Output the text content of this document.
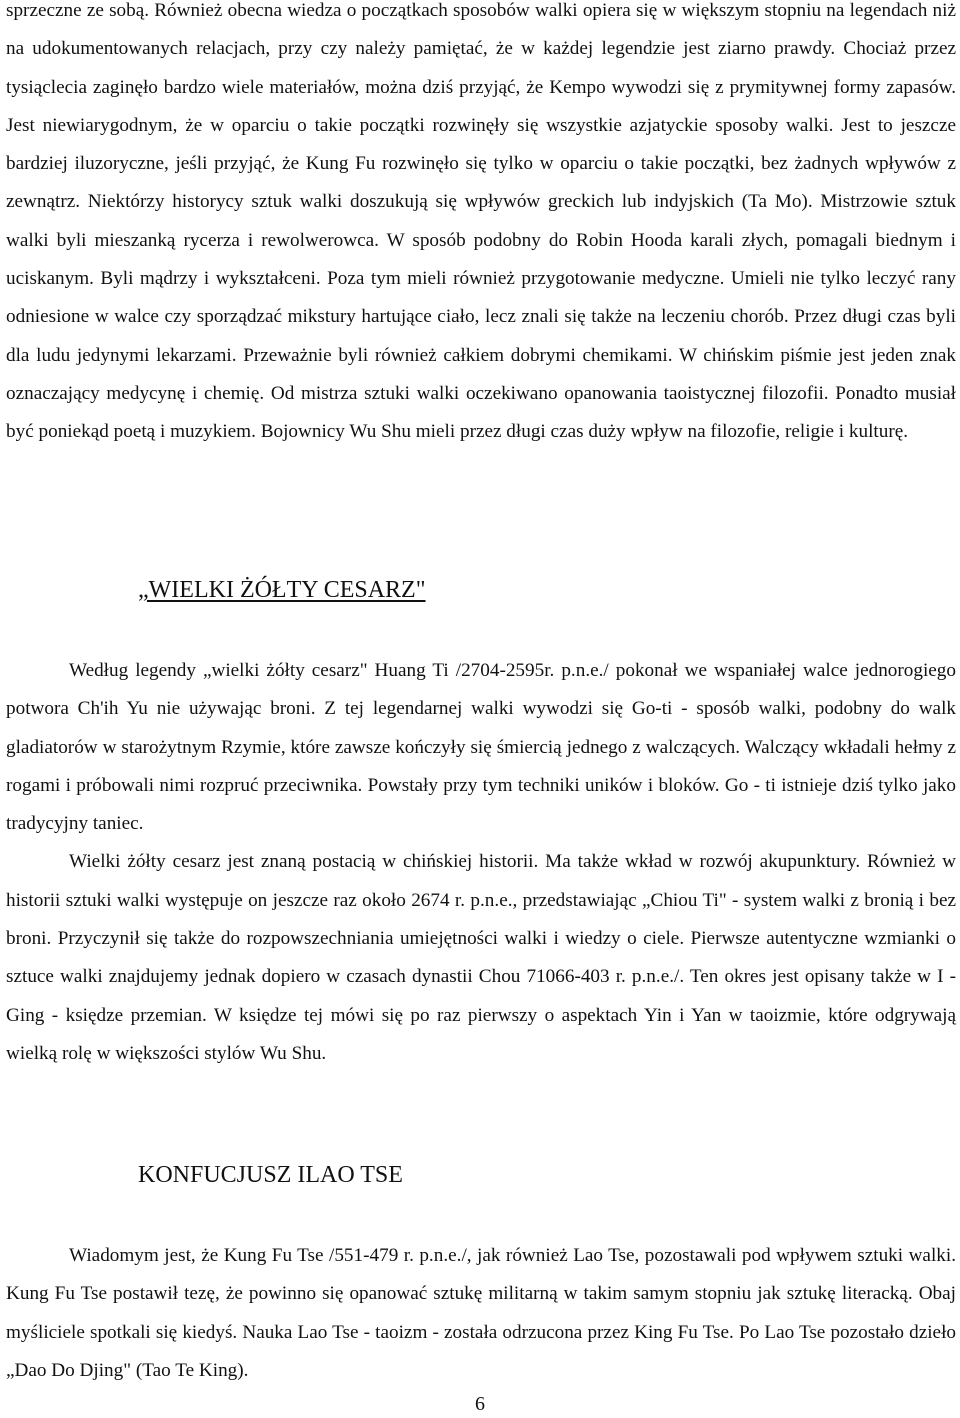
sprzeczne ze sobą. Również obecna wiedza o początkach sposobów walki opiera się w większym stopniu na legendach niż na udokumentowanych relacjach, przy czy należy pamiętać, że w każdej legendzie jest ziarno prawdy. Chociaż przez tysiąclecia zaginęło bardzo wiele materiałów, można dziś przyjąć, że Kempo wywodzi się z prymitywnej formy zapasów. Jest niewiarygodnym, że w oparciu o takie początki rozwinęły się wszystkie azjatyckie sposoby walki. Jest to jeszcze bardziej iluzoryczne, jeśli przyjąć, że Kung Fu rozwinęło się tylko w oparciu o takie początki, bez żadnych wpływów z zewnątrz. Niektórzy historycy sztuk walki doszukują się wpływów greckich lub indyjskich (Ta Mo). Mistrzowie sztuk walki byli mieszanką rycerza i rewolwerowca. W sposób podobny do Robin Hooda karali złych, pomagali biednym i uciskanym. Byli mądrzy i wykształceni. Poza tym mieli również przygotowanie medyczne. Umieli nie tylko leczyć rany odniesione w walce czy sporządzać mikstury hartujące ciało, lecz znali się także na leczeniu chorób. Przez długi czas byli dla ludu jedynymi lekarzami. Przeważnie byli również całkiem dobrymi chemikami. W chińskim piśmie jest jeden znak oznaczający medycynę i chemię. Od mistrza sztuki walki oczekiwano opanowania taoistycznej filozofii. Ponadto musiał być poniekąd poetą i muzykiem. Bojownicy Wu Shu mieli przez długi czas duży wpływ na filozofie, religie i kulturę.

„WIELKI ŻÓŁTY CESARZ"

Według legendy „wielki żółty cesarz" Huang Ti /2704-2595r. p.n.e./ pokonał we wspaniałej walce jednorogiego potwora Ch'ih Yu nie używając broni. Z tej legendarnej walki wywodzi się Go-ti - sposób walki, podobny do walk gladiatorów w starożytnym Rzymie, które zawsze kończyły się śmiercią jednego z walczących. Walczący wkładali hełmy z rogami i próbowali nimi rozpruć przeciwnika. Powstały przy tym techniki uników i bloków. Go - ti istnieje dziś tylko jako tradycyjny taniec.

Wielki żółty cesarz jest znaną postacią w chińskiej historii. Ma także wkład w rozwój akupunktury. Również w historii sztuki walki występuje on jeszcze raz około 2674 r. p.n.e., przedstawiając „Chiou Ti" - system walki z bronią i bez broni. Przyczynił się także do rozpowszechniania umiejętności walki i wiedzy o ciele. Pierwsze autentyczne wzmianki o sztuce walki znajdujemy jednak dopiero w czasach dynastii Chou 71066-403 r. p.n.e./. Ten okres jest opisany także w I - Ging - księdze przemian. W księdze tej mówi się po raz pierwszy o aspektach Yin i Yan w taoizmie, które odgrywają wielką rolę w większości stylów Wu Shu.

KONFUCJUSZ ILAO TSE

Wiadomym jest, że Kung Fu Tse /551-479 r. p.n.e./, jak również Lao Tse, pozostawali pod wpływem sztuki walki. Kung Fu Tse postawił tezę, że powinno się opanować sztukę militarną w takim samym stopniu jak sztukę literacką. Obaj myśliciele spotkali się kiedyś. Nauka Lao Tse - taoizm - została odrzucona przez King Fu Tse. Po Lao Tse pozostało dzieło „Dao Do Djing" (Tao Te King).

6
